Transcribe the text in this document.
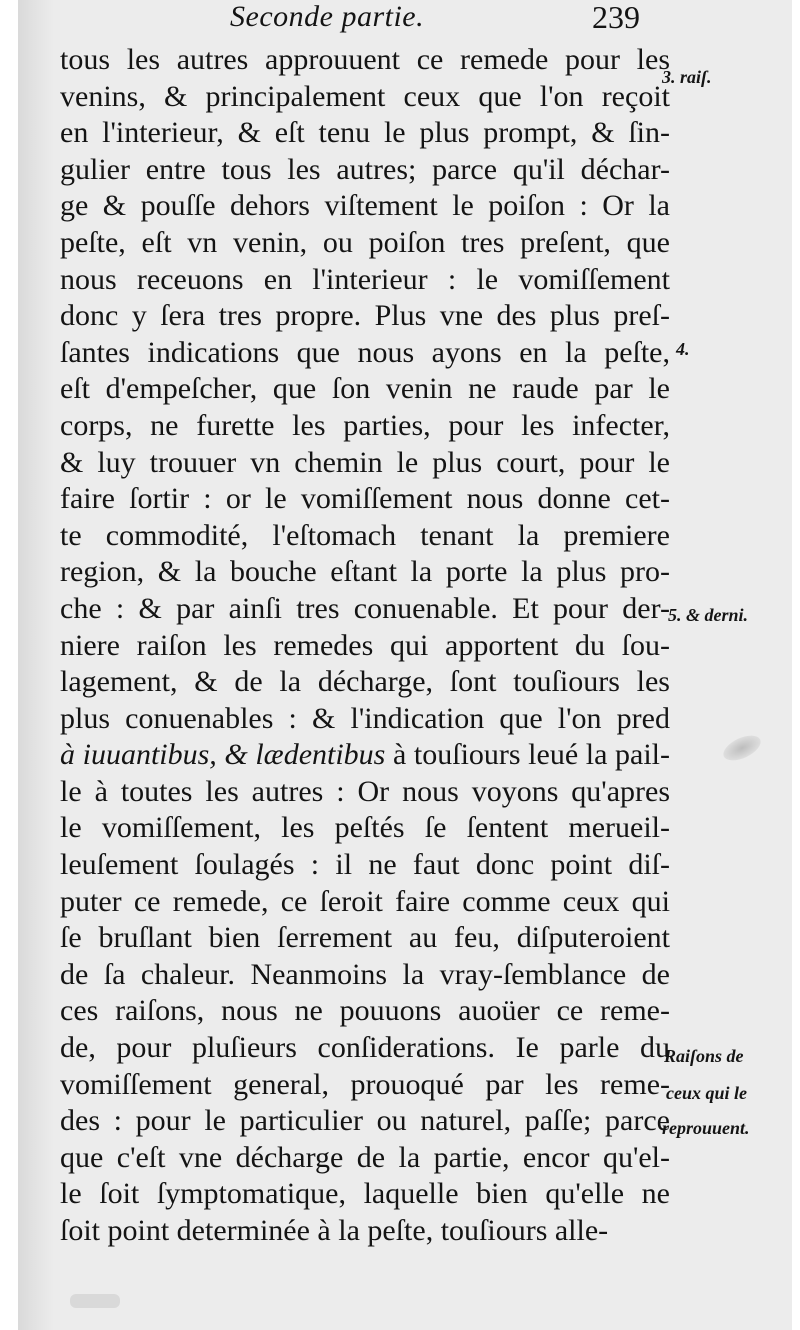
Seconde partie.	239
tous les autres approuuent ce remede pour les
venins, & principalement ceux que l'on reçoit
en l'interieur, & eſt tenu le plus prompt, & ſin-
gulier entre tous les autres; parce qu'il déchar-
ge & pouſſe dehors viſtement le poiſon : Or la
peſte, eſt vn venin, ou poiſon tres preſent, que
nous receuons en l'interieur : le vomiſſement
donc y ſera tres propre. Plus vne des plus preſ-
ſantes indications que nous ayons en la peſte,
eſt d'empeſcher, que ſon venin ne raude par le
corps, ne furette les parties, pour les infecter,
& luy trouuer vn chemin le plus court, pour le
faire ſortir : or le vomiſſement nous donne cet-
te commodité, l'eſtomach tenant la premiere
region, & la bouche eſtant la porte la plus pro-
che : & par ainſi tres conuenable. Et pour der-
niere raiſon les remedes qui apportent du ſou-
lagement, & de la décharge, ſont touſiours les
plus conuenables : & l'indication que l'on pred
à iuuantibus, & lædentibus à touſiours leué la pail-
le à toutes les autres : Or nous voyons qu'apres
le vomiſſement, les peſtés ſe ſentent merueil-
leuſement ſoulagés : il ne faut donc point diſ-
puter ce remede, ce ſeroit faire comme ceux qui
ſe bruſlant bien ſerrement au feu, diſputeroient
de ſa chaleur. Neanmoins la vray-ſemblance de
ces raiſons, nous ne pouuons auoüer ce reme-
de, pour pluſieurs conſiderations. Ie parle du
vomiſſement general, prouoqué par les reme-
des : pour le particulier ou naturel, paſſe; parce
que c'eſt vne décharge de la partie, encor qu'el-
le ſoit ſymptomatique, laquelle bien qu'elle ne
ſoit point determinée à la peſte, touſiours alle-
3. raiſ.
4.
5. & derni.
Raiſons de
ceux qui le
reprouuent.
